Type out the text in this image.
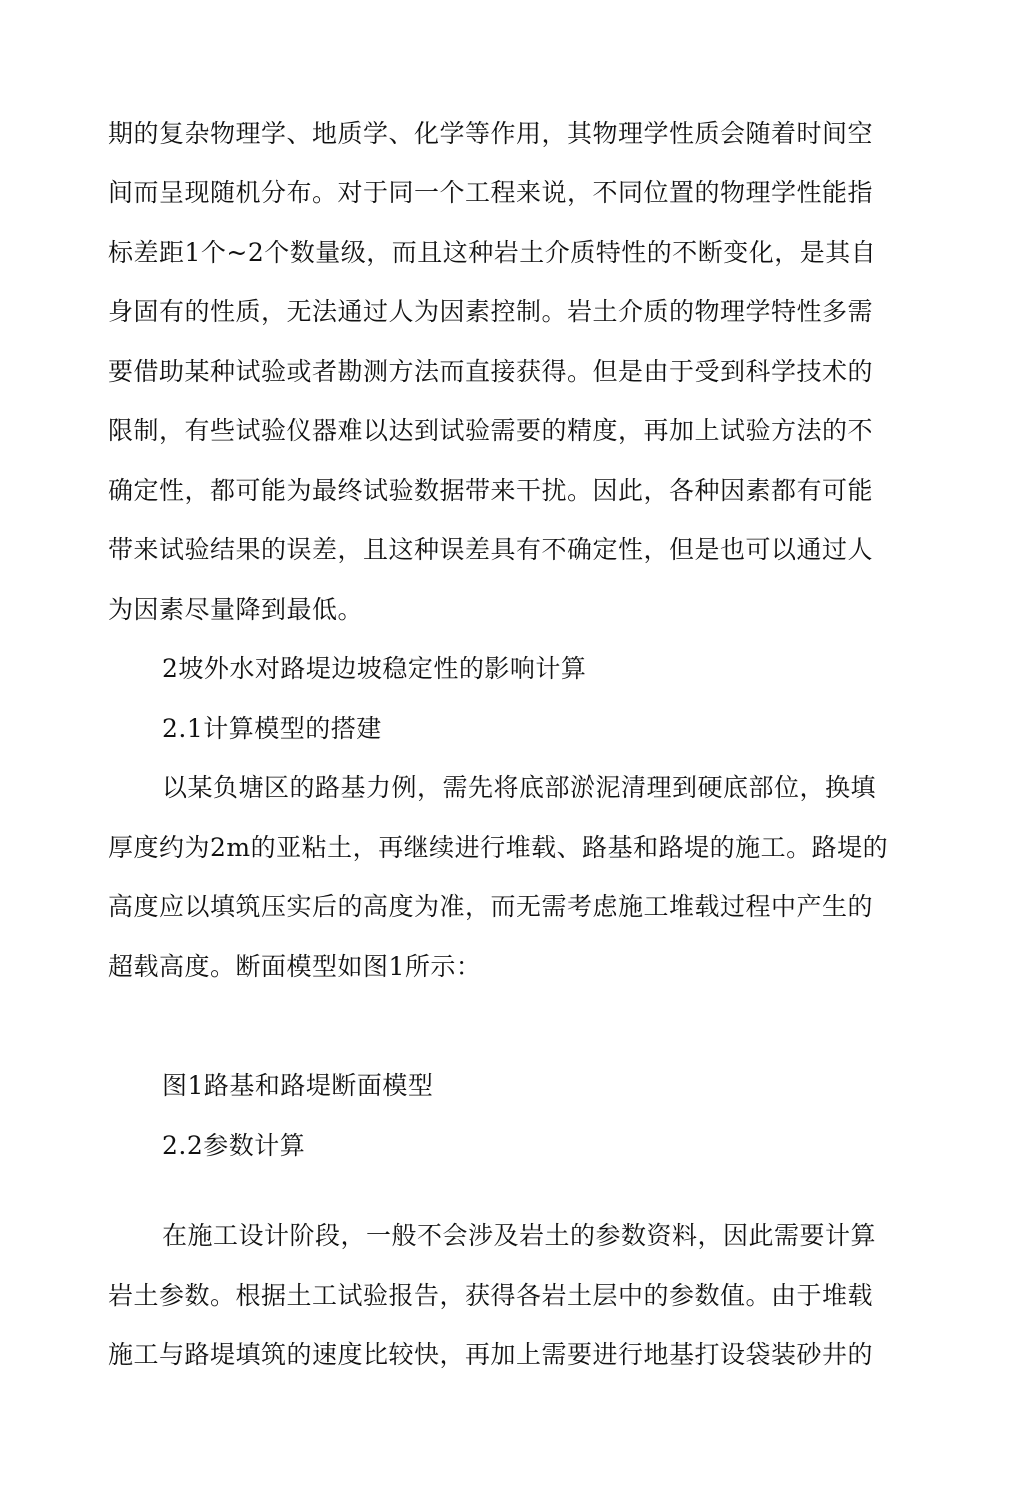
期的复杂物理学、地质学、化学等作用，其物理学性质会随着时间空
间而呈现随机分布。对于同一个工程来说，不同位置的物理学性能指
标差距1个~2个数量级，而且这种岩土介质特性的不断变化，是其自
身固有的性质，无法通过人为因素控制。岩土介质的物理学特性多需
要借助某种试验或者勘测方法而直接获得。但是由于受到科学技术的
限制，有些试验仪器难以达到试验需要的精度，再加上试验方法的不
确定性，都可能为最终试验数据带来干扰。因此，各种因素都有可能
带来试验结果的误差，且这种误差具有不确定性，但是也可以通过人
为因素尽量降到最低。
2坡外水对路堤边坡稳定性的影响计算
2.1计算模型的搭建
以某负塘区的路基力例，需先将底部淤泥清理到硬底部位，换填
厚度约为2m的亚粘土，再继续进行堆载、路基和路堤的施工。路堤的
高度应以填筑压实后的高度为准，而无需考虑施工堆载过程中产生的
超载高度。断面模型如图1所示：
图1路基和路堤断面模型
2.2参数计算
在施工设计阶段，一般不会涉及岩土的参数资料，因此需要计算
岩土参数。根据土工试验报告，获得各岩土层中的参数值。由于堆载
施工与路堤填筑的速度比较快，再加上需要进行地基打设袋装砂井的
